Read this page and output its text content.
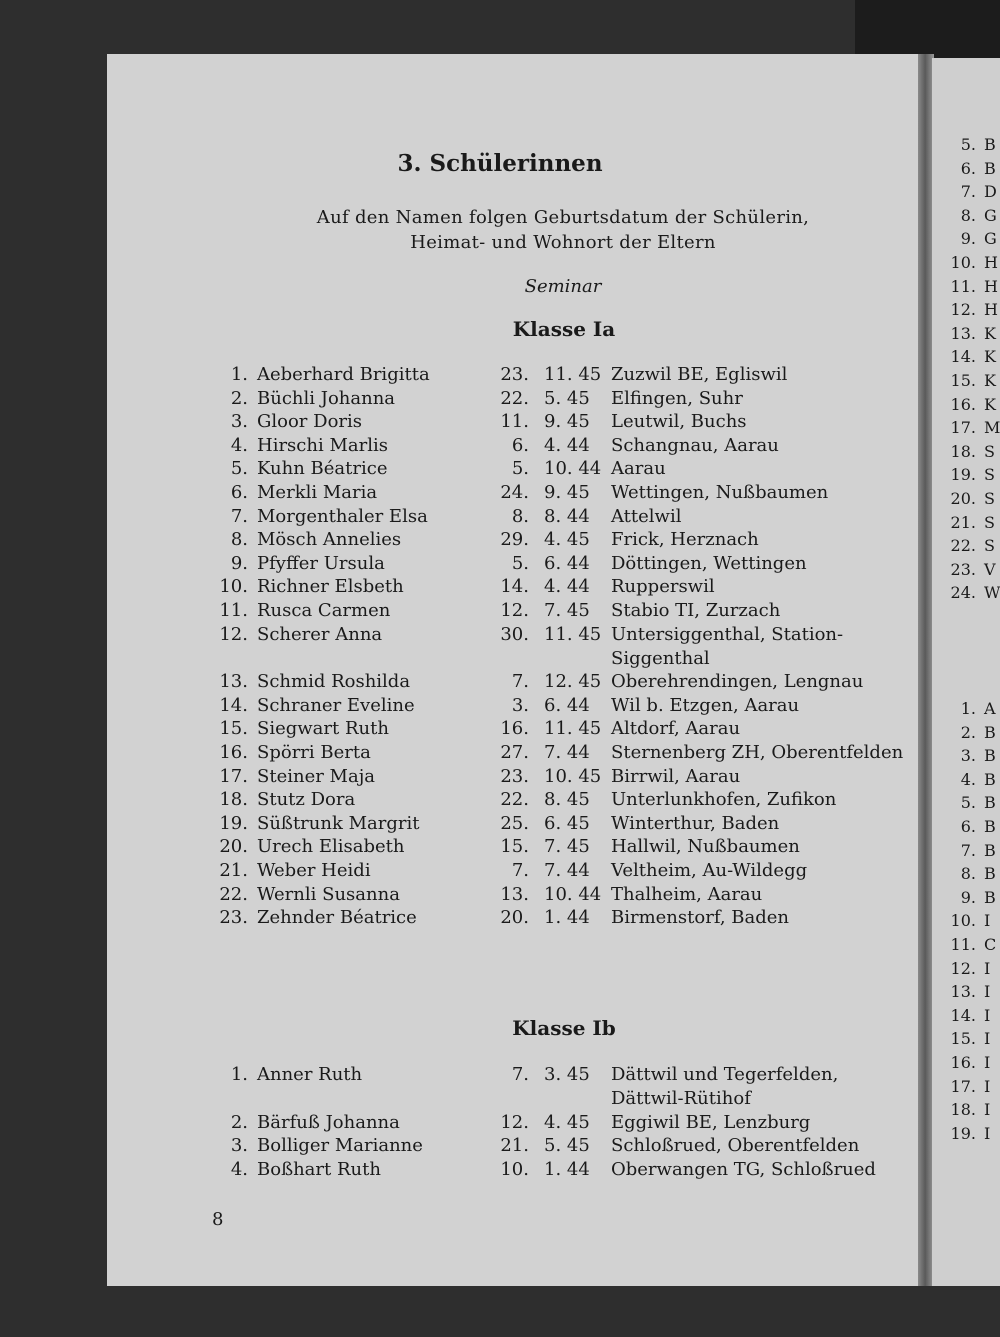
5. B
6. B
7. D
8. G
9. G
10. H
11. H
12. H
13. K
14. K
15. K
16. K
17. M
18. S
19. S
20. S
21. S
22. S
23. V
24. W
1. A
2. B
3. B
4. B
5. B
6. B
7. B
8. B
9. B
10. I
11. C
12. I
13. I
14. I
15. I
16. I
17. I
18. I
19. I
3. Schülerinnen
Auf den Namen folgen Geburtsdatum der Schülerin,
Heimat- und Wohnort der Eltern
Seminar
Klasse Ia
1. Aeberhard Brigitta	23. 11. 45 Zuzwil BE, Egliswil
2. Büchli Johanna	22. 5. 45 Elfingen, Suhr
3. Gloor Doris	11. 9. 45 Leutwil, Buchs
4. Hirschi Marlis	6. 4. 44 Schangnau, Aarau
5. Kuhn Béatrice	5. 10. 44 Aarau
6. Merkli Maria	24. 9. 45 Wettingen, Nußbaumen
7. Morgenthaler Elsa	8. 8. 44 Attelwil
8. Mösch Annelies	29. 4. 45 Frick, Herznach
9. Pfyffer Ursula	5. 6. 44 Döttingen, Wettingen
10. Richner Elsbeth	14. 4. 44 Rupperswil
11. Rusca Carmen	12. 7. 45 Stabio TI, Zurzach
12. Scherer Anna	30. 11. 45 Untersiggenthal, Station-
Siggenthal
13. Schmid Roshilda	7. 12. 45 Oberehrendingen, Lengnau
14. Schraner Eveline	3. 6. 44 Wil b. Etzgen, Aarau
15. Siegwart Ruth	16. 11. 45 Altdorf, Aarau
16. Spörri Berta	27. 7. 44 Sternenberg ZH, Oberentfelden
17. Steiner Maja	23. 10. 45 Birrwil, Aarau
18. Stutz Dora	22. 8. 45 Unterlunkhofen, Zufikon
19. Süßtrunk Margrit	25. 6. 45 Winterthur, Baden
20. Urech Elisabeth	15. 7. 45 Hallwil, Nußbaumen
21. Weber Heidi	7. 7. 44 Veltheim, Au-Wildegg
22. Wernli Susanna	13. 10. 44 Thalheim, Aarau
23. Zehnder Béatrice	20. 1. 44 Birmenstorf, Baden
Klasse Ib
1. Anner Ruth	7. 3. 45 Dättwil und Tegerfelden,
Dättwil-Rütihof
2. Bärfuß Johanna	12. 4. 45 Eggiwil BE, Lenzburg
3. Bolliger Marianne	21. 5. 45 Schloßrued, Oberentfelden
4. Boßhart Ruth	10. 1. 44 Oberwangen TG, Schloßrued
8
